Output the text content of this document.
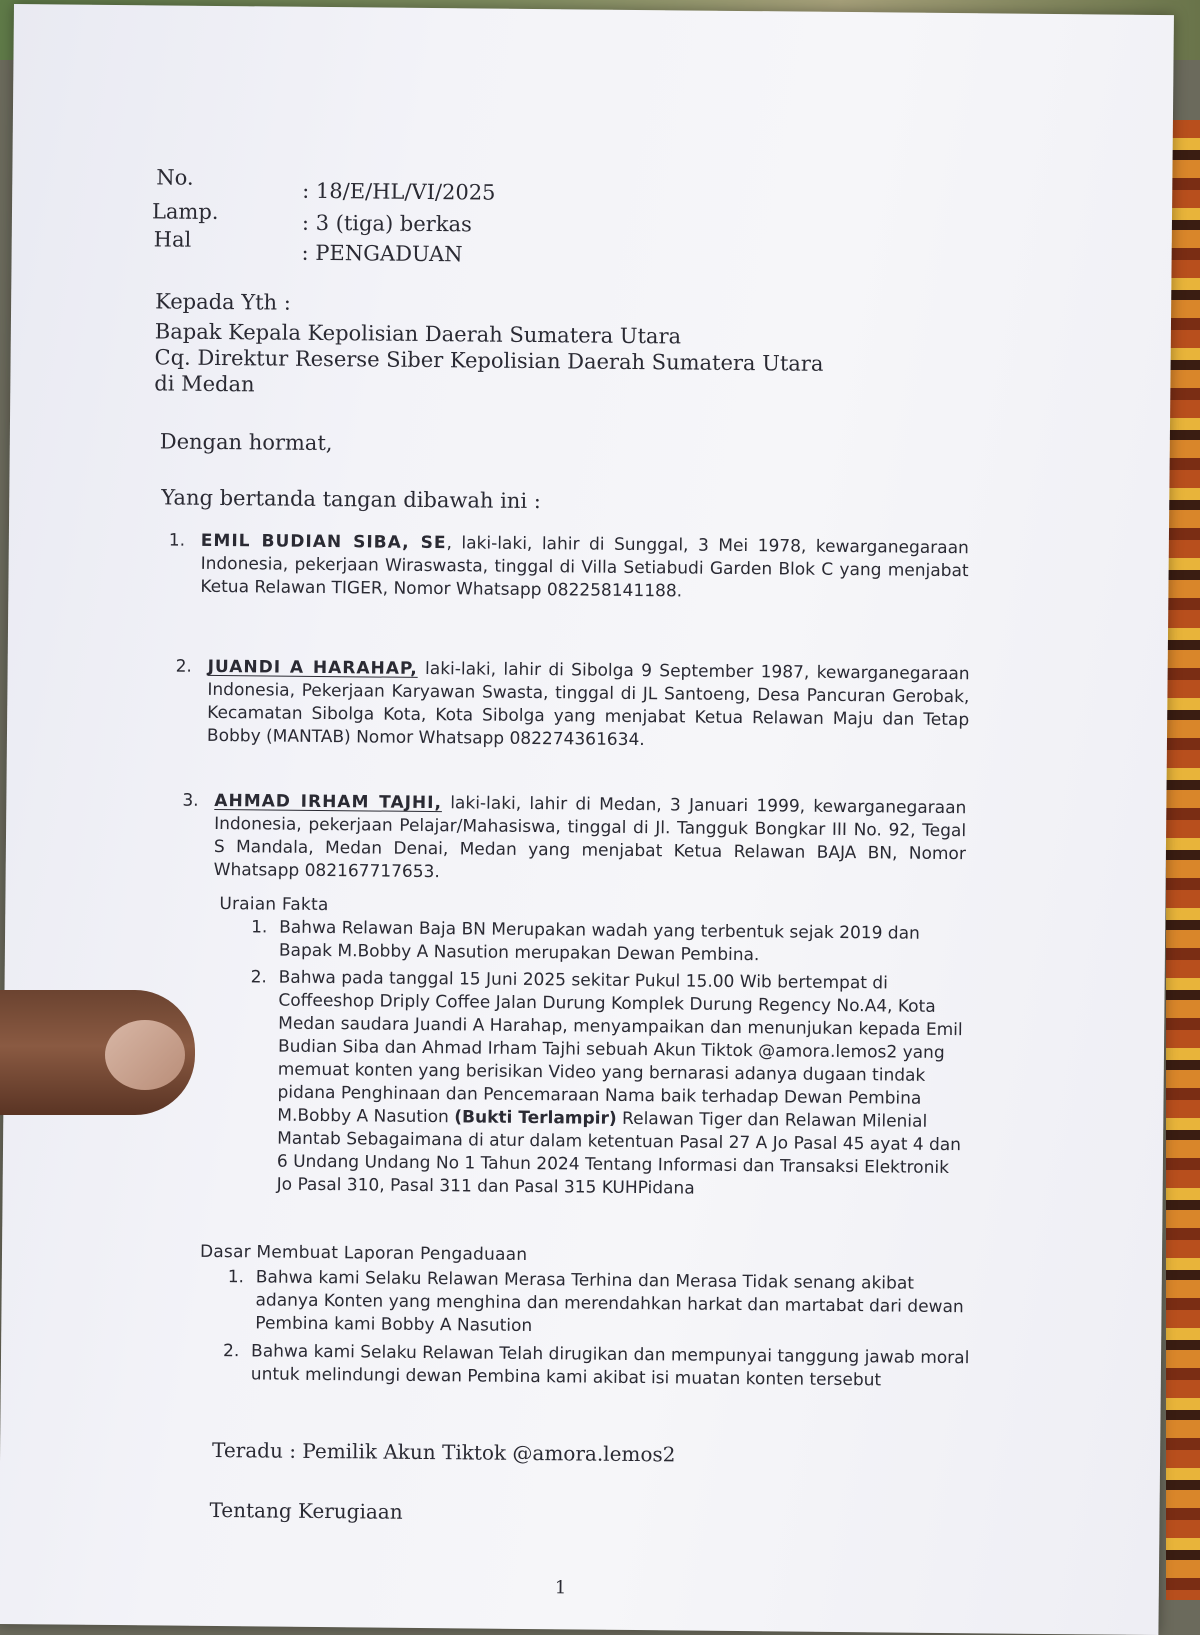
No.
: 18/E/HL/VI/2025
Lamp.	: 3 (tiga) berkas
Hal
: PENGADUAN
Kepada Yth :
Bapak Kepala Kepolisian Daerah Sumatera Utara
Cq. Direktur Reserse Siber Kepolisian Daerah Sumatera Utara
di Medan
Dengan hormat,
Yang bertanda tangan dibawah ini :
1. EMIL BUDIAN SIBA, SE, laki-laki, lahir di Sunggal, 3 Mei 1978, kewarganegaraan Indonesia, pekerjaan Wiraswasta, tinggal di Villa Setiabudi Garden Blok C yang menjabat Ketua Relawan TIGER, Nomor Whatsapp 082258141188.
2. JUANDI A HARAHAP, laki-laki, lahir di Sibolga 9 September 1987, kewarganegaraan Indonesia, Pekerjaan Karyawan Swasta, tinggal di JL Santoeng, Desa Pancuran Gerobak, Kecamatan Sibolga Kota, Kota Sibolga yang menjabat Ketua Relawan Maju dan Tetap Bobby (MANTAB) Nomor Whatsapp 082274361634.
3. AHMAD IRHAM TAJHI, laki-laki, lahir di Medan, 3 Januari 1999, kewarganegaraan Indonesia, pekerjaan Pelajar/Mahasiswa, tinggal di Jl. Tangguk Bongkar III No. 92, Tegal S Mandala, Medan Denai, Medan yang menjabat Ketua Relawan BAJA BN, Nomor Whatsapp 082167717653.
Uraian Fakta
1. Bahwa Relawan Baja BN Merupakan wadah yang terbentuk sejak 2019 dan Bapak M.Bobby A Nasution merupakan Dewan Pembina.
2. Bahwa pada tanggal 15 Juni 2025 sekitar Pukul 15.00 Wib bertempat di Coffeeshop Driply Coffee Jalan Durung Komplek Durung Regency No.A4, Kota Medan saudara Juandi A Harahap, menyampaikan dan menunjukan kepada Emil Budian Siba dan Ahmad Irham Tajhi sebuah Akun Tiktok @amora.lemos2 yang memuat konten yang berisikan Video yang bernarasi adanya dugaan tindak pidana Penghinaan dan Pencemaraan Nama baik terhadap Dewan Pembina M.Bobby A Nasution (Bukti Terlampir) Relawan Tiger dan Relawan Milenial Mantab Sebagaimana di atur dalam ketentuan Pasal 27 A Jo Pasal 45 ayat 4 dan 6 Undang Undang No 1 Tahun 2024 Tentang Informasi dan Transaksi Elektronik Jo Pasal 310, Pasal 311 dan Pasal 315 KUHPidana
Dasar Membuat Laporan Pengaduaan
1. Bahwa kami Selaku Relawan Merasa Terhina dan Merasa Tidak senang akibat adanya Konten yang menghina dan merendahkan harkat dan martabat dari dewan Pembina kami Bobby A Nasution
2. Bahwa kami Selaku Relawan Telah dirugikan dan mempunyai tanggung jawab moral untuk melindungi dewan Pembina kami akibat isi muatan konten tersebut
Teradu : Pemilik Akun Tiktok @amora.lemos2
Tentang Kerugiaan
1
